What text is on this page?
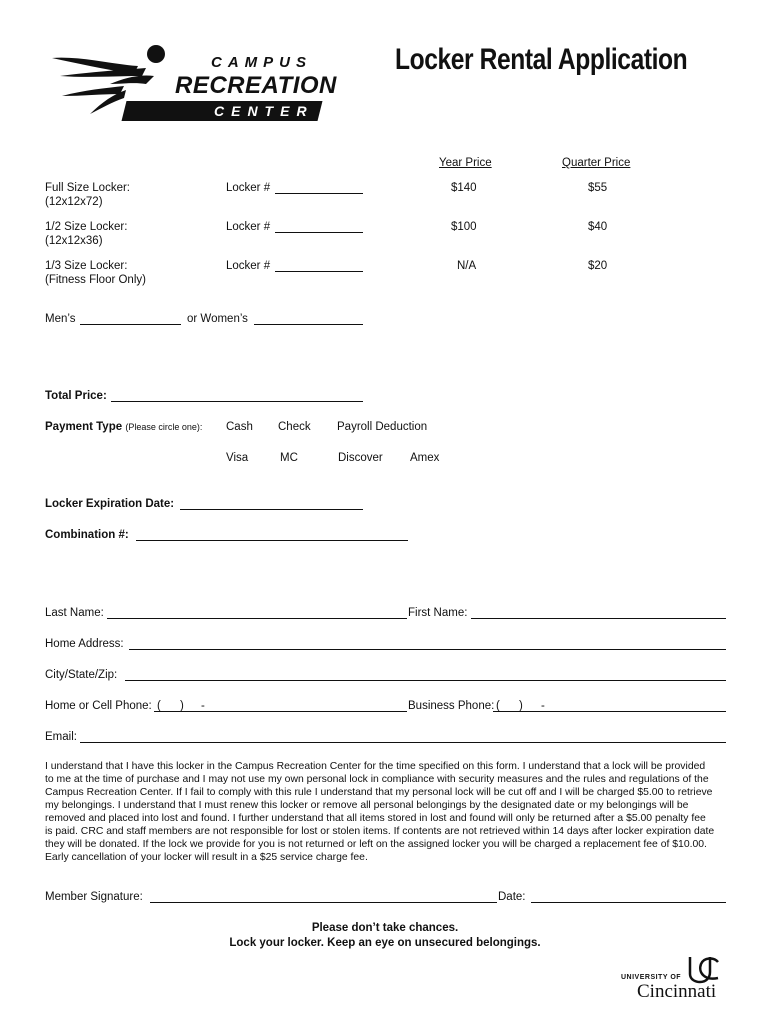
CAMPUS
RECREATION
CENTER
Locker Rental Application
Year Price	Quarter Price
Full Size Locker:
(12x12x72)
Locker #	$140	$55
1/2 Size Locker:
(12x12x36)
Locker #	$100	$40
1/3 Size Locker:
(Fitness Floor Only)
Locker #	N/A	$20
Men’s	or Women’s
Total Price:
Payment Type (Please circle one): Cash Check Payroll Deduction
Visa	MC	Discover Amex
Locker Expiration Date:
Combination #:
Last Name:	First Name:
Home Address:
City/State/Zip:
Home or Cell Phone: ( ) -	Business Phone: ( ) -
Email:

I understand that I have this locker in the Campus Recreation Center for the time specified on this form. I understand that a lock will be provided

to me at the time of purchase and I may not use my own personal lock in compliance with security measures and the rules and regulations of the

Campus Recreation Center. If I fail to comply with this rule I understand that my personal lock will be cut off and I will be charged $5.00 to retrieve

my belongings. I understand that I must renew this locker or remove all personal belongings by the designated date or my belongings will be

removed and placed into lost and found. I further understand that all items stored in lost and found will only be returned after a $5.00 penalty fee

is paid. CRC and staff members are not responsible for lost or stolen items. If contents are not retrieved within 14 days after locker expiration date

they will be donated. If the lock we provide for you is not returned or left on the assigned locker you will be charged a replacement fee of $10.00.

Early cancellation of your locker will result in a $25 service charge fee.

Member Signature:	Date:
Please don’t take chances.
Lock your locker. Keep an eye on unsecured belongings.
UNIVERSITY OF
Cincinnati
